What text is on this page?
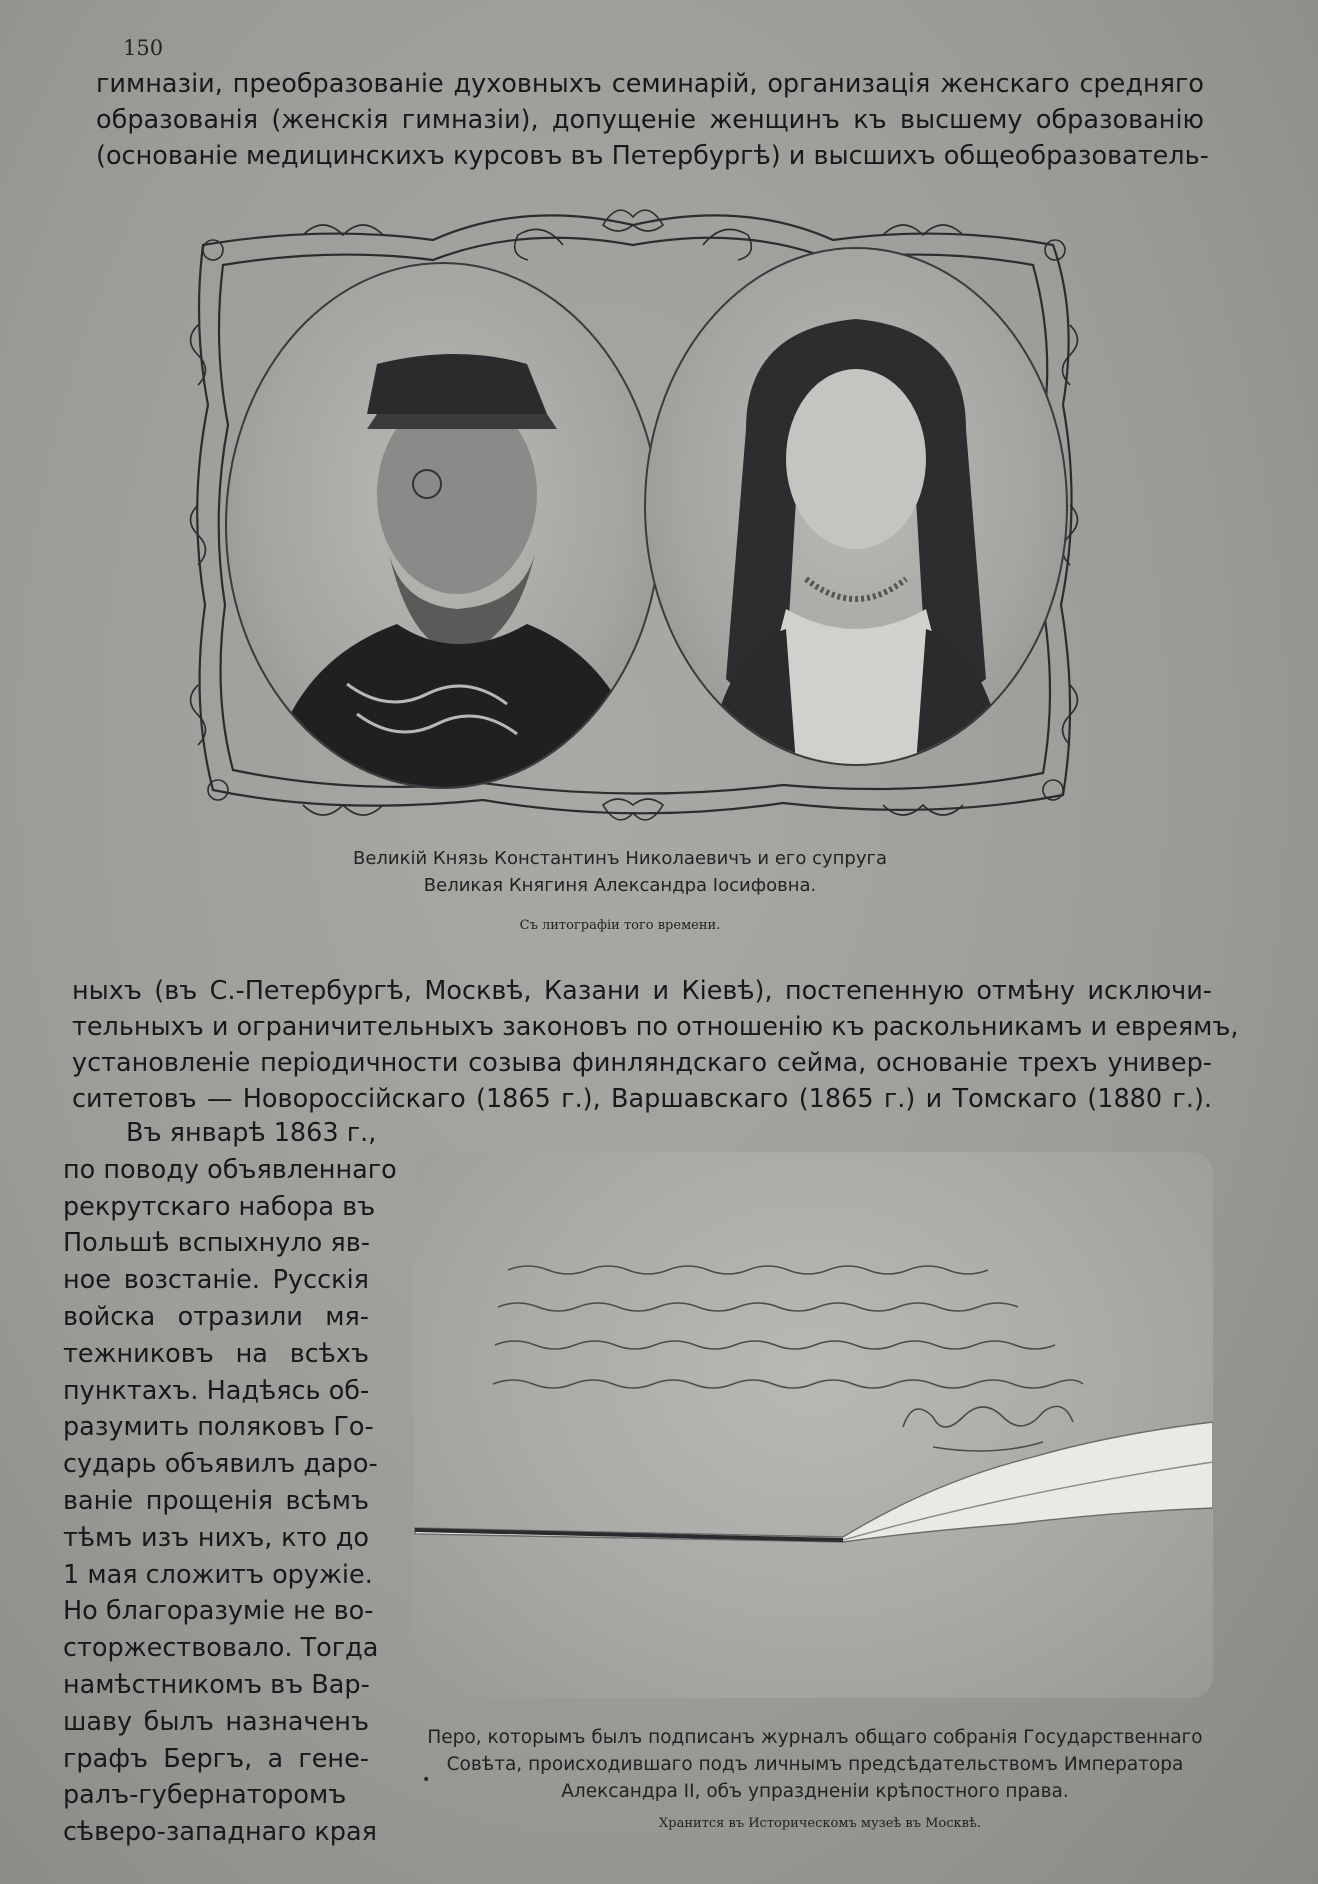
150
гимназіи, преобразованіе духовныхъ семинарій, организація женскаго средняго
образованія (женскія гимназіи), допущеніе женщинъ къ высшему образованію
(основаніе медицинскихъ курсовъ въ Петербургѣ) и высшихъ общеобразователь-
Великій Князь Константинъ Николаевичъ и его супруга
Великая Княгиня Александра Іосифовна.
Съ литографіи того времени.
ныхъ (въ С.-Петербургѣ, Москвѣ, Казани и Кіевѣ), постепенную отмѣну исключи-
тельныхъ и ограничительныхъ законовъ по отношенію къ раскольникамъ и евреямъ,
установленіе періодичности созыва финляндскаго сейма, основаніе трехъ универ-
ситетовъ — Новороссійскаго (1865 г.), Варшавскаго (1865 г.) и Томскаго (1880 г.).
Въ январѣ 1863 г.,
по поводу объявленнаго
рекрутскаго набора въ
Польшѣ вспыхнуло яв-
ное возстаніе. Русскія
войска отразили мя-
тежниковъ на всѣхъ
пунктахъ. Надѣясь об-
разумить поляковъ Го-
сударь объявилъ даро-
ваніе прощенія всѣмъ
тѣмъ изъ нихъ, кто до
1 мая сложитъ оружіе.
Но благоразуміе не во-
сторжествовало. Тогда
намѣстникомъ въ Вар-
шаву былъ назначенъ
графъ Бергъ, а гене-
ралъ-губернаторомъ
сѣверо-западнаго края
•
Перо, которымъ былъ подписанъ журналъ общаго собранія Государственнаго
Совѣта, происходившаго подъ личнымъ предсѣдательствомъ Императора
Александра II, объ упраздненіи крѣпостного права.
Хранится въ Историческомъ музеѣ въ Москвѣ.
